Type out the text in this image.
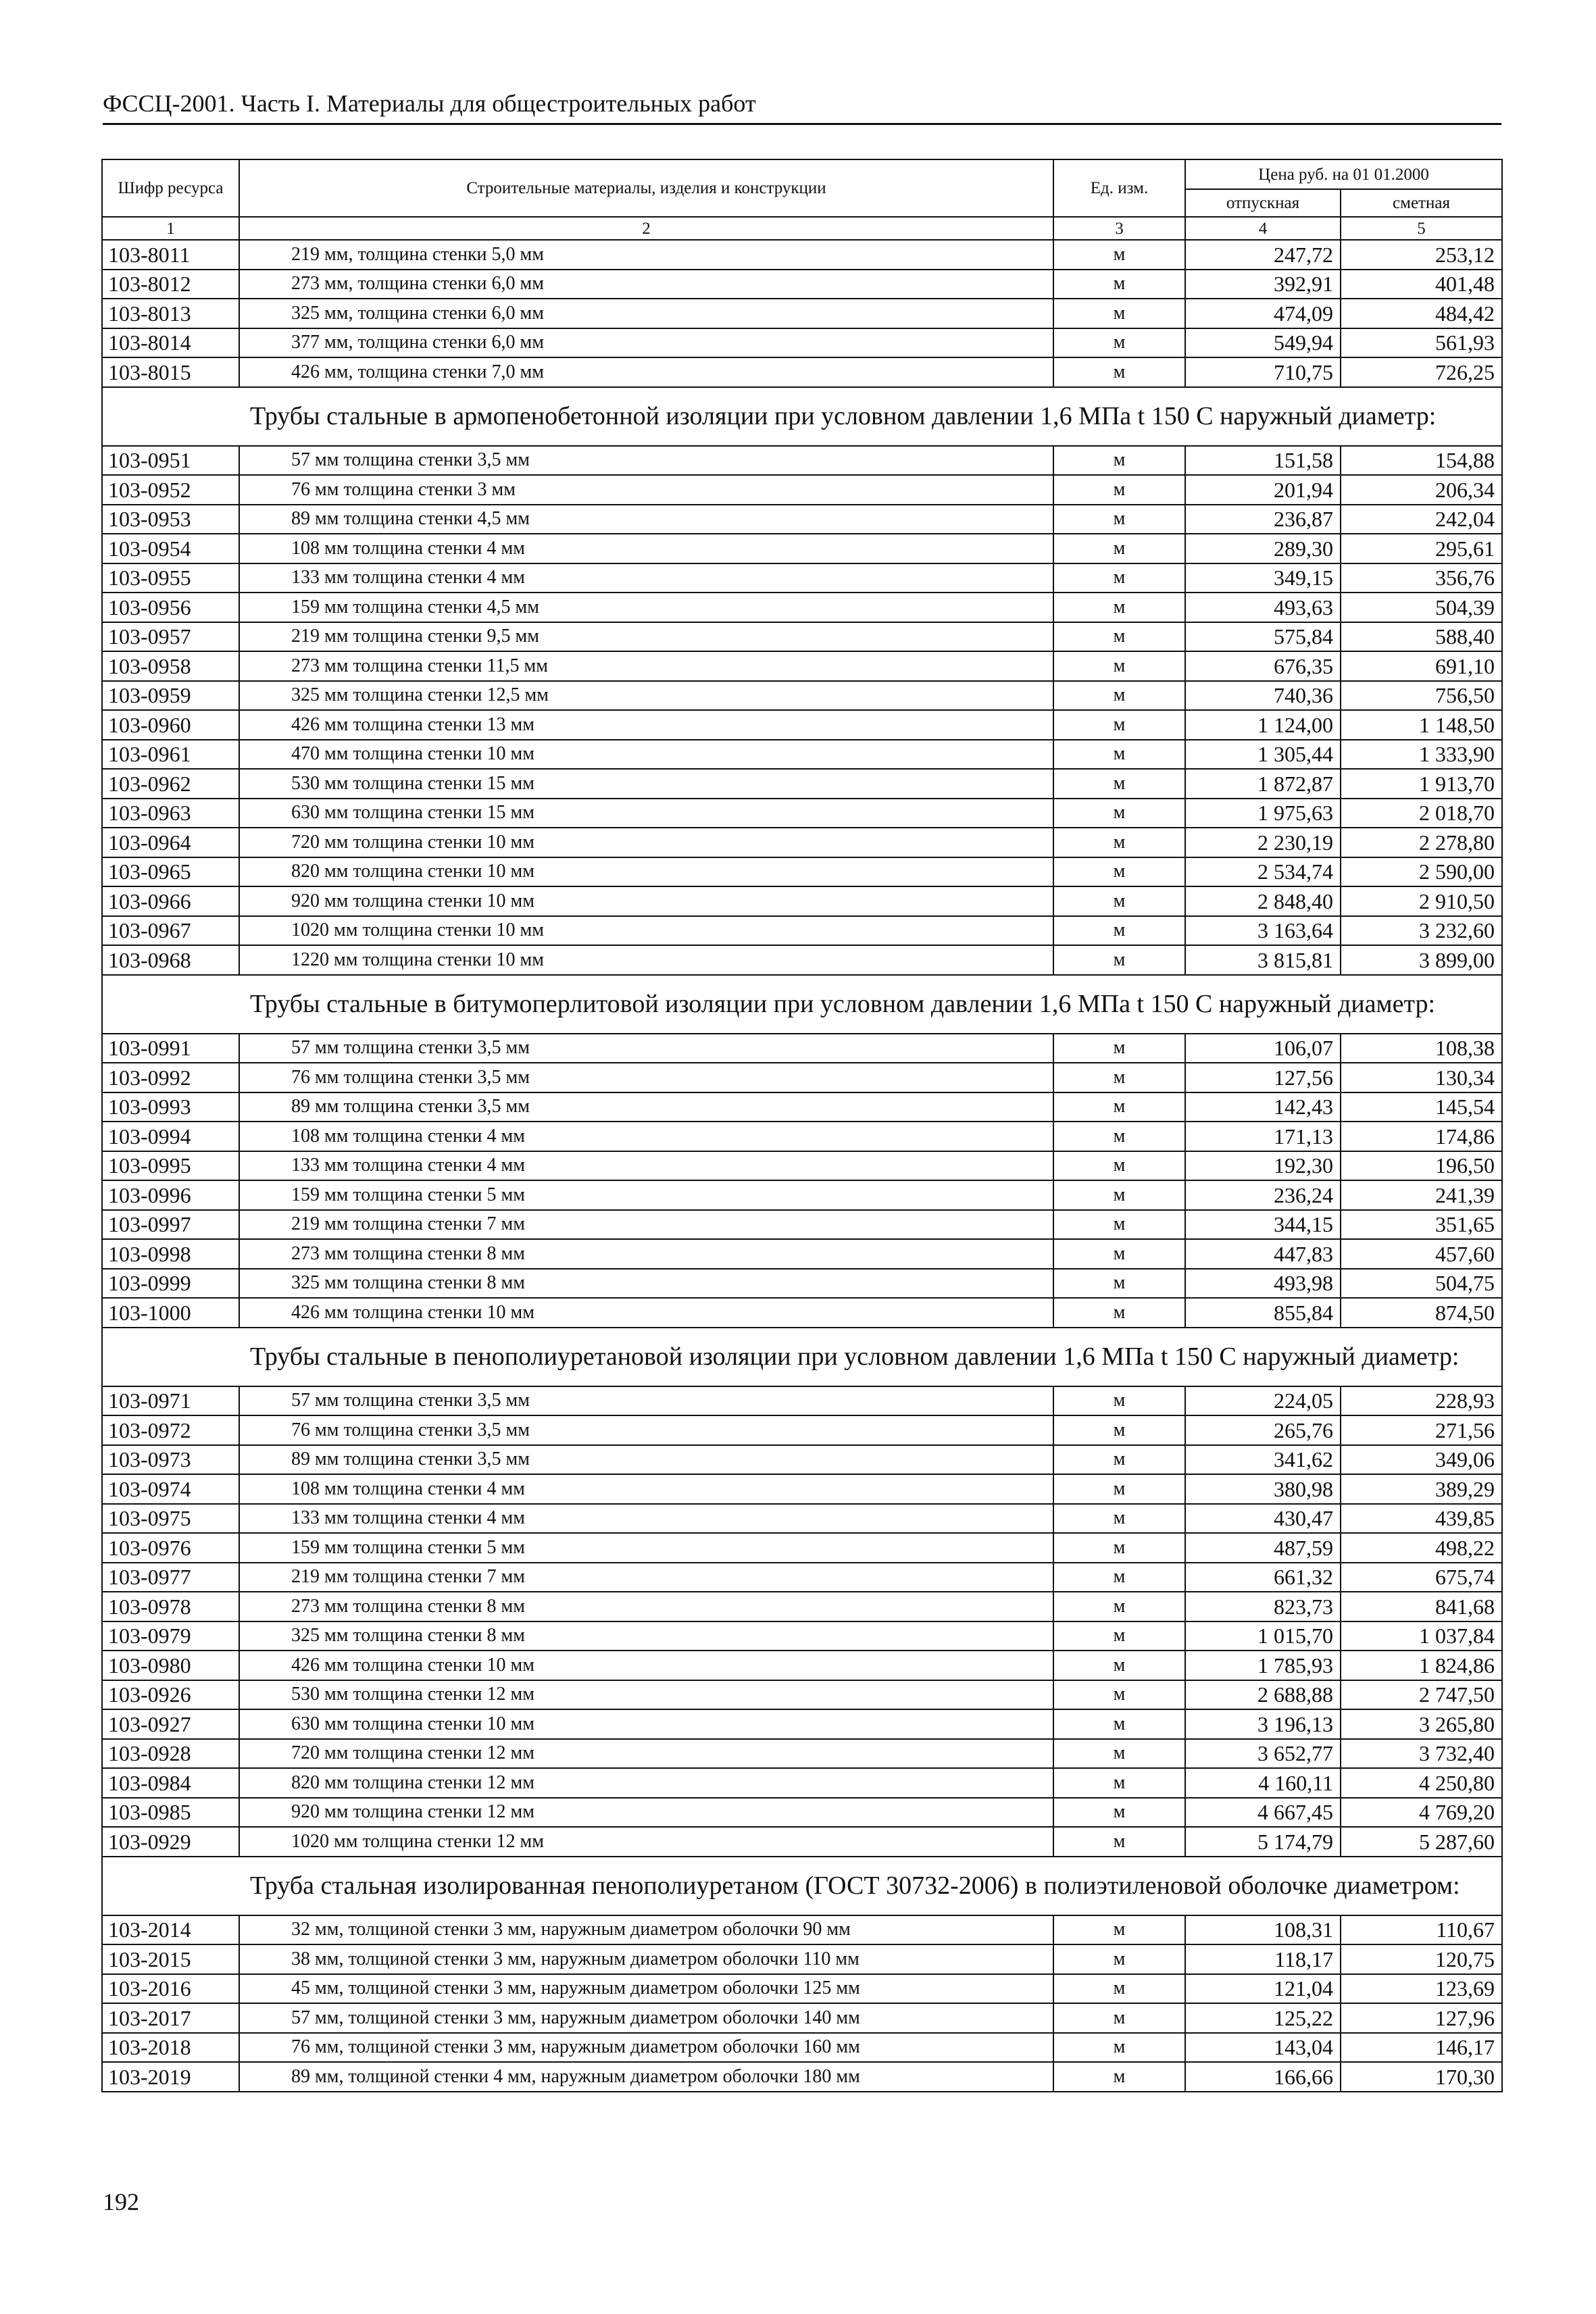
ФССЦ-2001. Часть I. Материалы для общестроительных работ
Шифр ресурса	Строительные материалы, изделия и конструкции	Ед. изм.	Цена руб. на 01 01.2000	
			отпускная	сметная
1	2	3	4	5
103-8011	219 мм, толщина стенки 5,0 мм	м	247,72	253,12
103-8012	273 мм, толщина стенки 6,0 мм	м	392,91	401,48
103-8013	325 мм, толщина стенки 6,0 мм	м	474,09	484,42
103-8014	377 мм, толщина стенки 6,0 мм	м	549,94	561,93
103-8015	426 мм, толщина стенки 7,0 мм	м	710,75	726,25
Трубы стальные в армопенобетонной изоляции при условном давлении 1,6 МПа t 150 С наружный диаметр:				
103-0951	57 мм толщина стенки 3,5 мм	м	151,58	154,88
103-0952	76 мм толщина стенки 3 мм	м	201,94	206,34
103-0953	89 мм толщина стенки 4,5 мм	м	236,87	242,04
103-0954	108 мм толщина стенки 4 мм	м	289,30	295,61
103-0955	133 мм толщина стенки 4 мм	м	349,15	356,76
103-0956	159 мм толщина стенки 4,5 мм	м	493,63	504,39
103-0957	219 мм толщина стенки 9,5 мм	м	575,84	588,40
103-0958	273 мм толщина стенки 11,5 мм	м	676,35	691,10
103-0959	325 мм толщина стенки 12,5 мм	м	740,36	756,50
103-0960	426 мм толщина стенки 13 мм	м	1 124,00	1 148,50
103-0961	470 мм толщина стенки 10 мм	м	1 305,44	1 333,90
103-0962	530 мм толщина стенки 15 мм	м	1 872,87	1 913,70
103-0963	630 мм толщина стенки 15 мм	м	1 975,63	2 018,70
103-0964	720 мм толщина стенки 10 мм	м	2 230,19	2 278,80
103-0965	820 мм толщина стенки 10 мм	м	2 534,74	2 590,00
103-0966	920 мм толщина стенки 10 мм	м	2 848,40	2 910,50
103-0967	1020 мм толщина стенки 10 мм	м	3 163,64	3 232,60
103-0968	1220 мм толщина стенки 10 мм	м	3 815,81	3 899,00
Трубы стальные в битумоперлитовой изоляции при условном давлении 1,6 МПа t 150 С наружный диаметр:				
103-0991	57 мм толщина стенки 3,5 мм	м	106,07	108,38
103-0992	76 мм толщина стенки 3,5 мм	м	127,56	130,34
103-0993	89 мм толщина стенки 3,5 мм	м	142,43	145,54
103-0994	108 мм толщина стенки 4 мм	м	171,13	174,86
103-0995	133 мм толщина стенки 4 мм	м	192,30	196,50
103-0996	159 мм толщина стенки 5 мм	м	236,24	241,39
103-0997	219 мм толщина стенки 7 мм	м	344,15	351,65
103-0998	273 мм толщина стенки 8 мм	м	447,83	457,60
103-0999	325 мм толщина стенки 8 мм	м	493,98	504,75
103-1000	426 мм толщина стенки 10 мм	м	855,84	874,50
Трубы стальные в пенополиуретановой изоляции при условном давлении 1,6 МПа t 150 С наружный диаметр:				
103-0971	57 мм толщина стенки 3,5 мм	м	224,05	228,93
103-0972	76 мм толщина стенки 3,5 мм	м	265,76	271,56
103-0973	89 мм толщина стенки 3,5 мм	м	341,62	349,06
103-0974	108 мм толщина стенки 4 мм	м	380,98	389,29
103-0975	133 мм толщина стенки 4 мм	м	430,47	439,85
103-0976	159 мм толщина стенки 5 мм	м	487,59	498,22
103-0977	219 мм толщина стенки 7 мм	м	661,32	675,74
103-0978	273 мм толщина стенки 8 мм	м	823,73	841,68
103-0979	325 мм толщина стенки 8 мм	м	1 015,70	1 037,84
103-0980	426 мм толщина стенки 10 мм	м	1 785,93	1 824,86
103-0926	530 мм толщина стенки 12 мм	м	2 688,88	2 747,50
103-0927	630 мм толщина стенки 10 мм	м	3 196,13	3 265,80
103-0928	720 мм толщина стенки 12 мм	м	3 652,77	3 732,40
103-0984	820 мм толщина стенки 12 мм	м	4 160,11	4 250,80
103-0985	920 мм толщина стенки 12 мм	м	4 667,45	4 769,20
103-0929	1020 мм толщина стенки 12 мм	м	5 174,79	5 287,60
Труба стальная изолированная пенополиуретаном (ГОСТ 30732-2006) в полиэтиленовой оболочке диаметром:				
103-2014	32 мм, толщиной стенки 3 мм, наружным диаметром оболочки 90 мм	м	108,31	110,67
103-2015	38 мм, толщиной стенки 3 мм, наружным диаметром оболочки 110 мм	м	118,17	120,75
103-2016	45 мм, толщиной стенки 3 мм, наружным диаметром оболочки 125 мм	м	121,04	123,69
103-2017	57 мм, толщиной стенки 3 мм, наружным диаметром оболочки 140 мм	м	125,22	127,96
103-2018	76 мм, толщиной стенки 3 мм, наружным диаметром оболочки 160 мм	м	143,04	146,17
103-2019	89 мм, толщиной стенки 4 мм, наружным диаметром оболочки 180 мм	м	166,66	170,30
192
